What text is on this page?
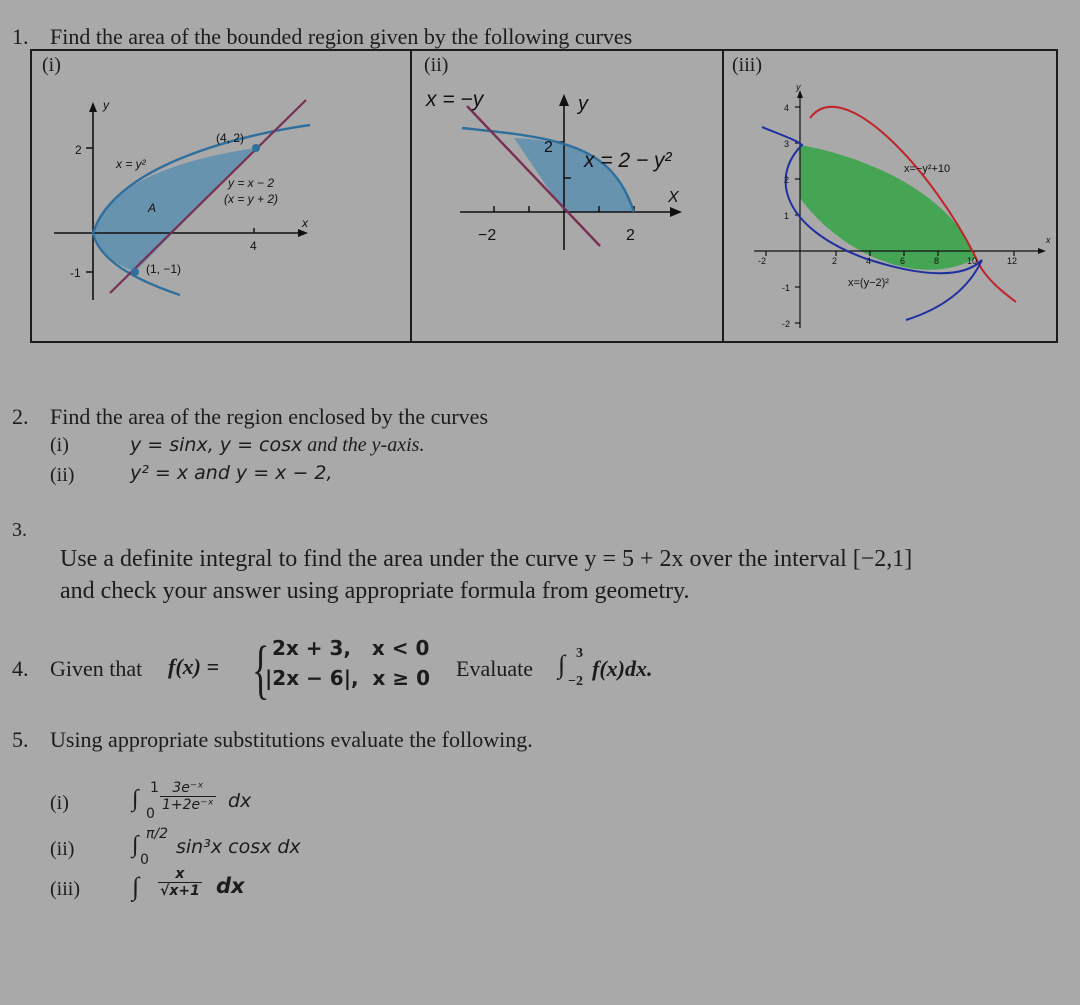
1. Find the area of the bounded region given by the following curves
(i)	(ii)	(iii)
y
x
2
-1
4
x = y²
A
y = x − 2
(x = y + 2)
(4, 2)
(1, −1)
x = −y
x = 2 − y²
y
X
2
−2	2
y
x
4
3
2
1
-1
-2
-2	2	4	6	8	10	12
x=−y²+10
x=(y−2)²
2. Find the area of the region enclosed by the curves
(i)	y = sinx, y = cosx and the y-axis.
(ii)	y² = x and y = x − 2,
3.
Use a definite integral to find the area under the curve y = 5 + 2x over the interval [−2,1]
and check your answer using appropriate formula from geometry.
4. Given that f(x) = { 2x + 3,   x < 0
|2x − 6|,  x ≥ 0 Evaluate ∫ 3
−2
f(x)dx.
5. Using appropriate substitutions evaluate the following.
(i)	∫ 1
0
$\frac{\text{3e⁻ˣ}}{\text{1+2e⁻ˣ}}$ dx
(ii) ∫ π/2
0
sin³x cosx dx
(iii) ∫ $\frac{x}{√x+1}$ dx
